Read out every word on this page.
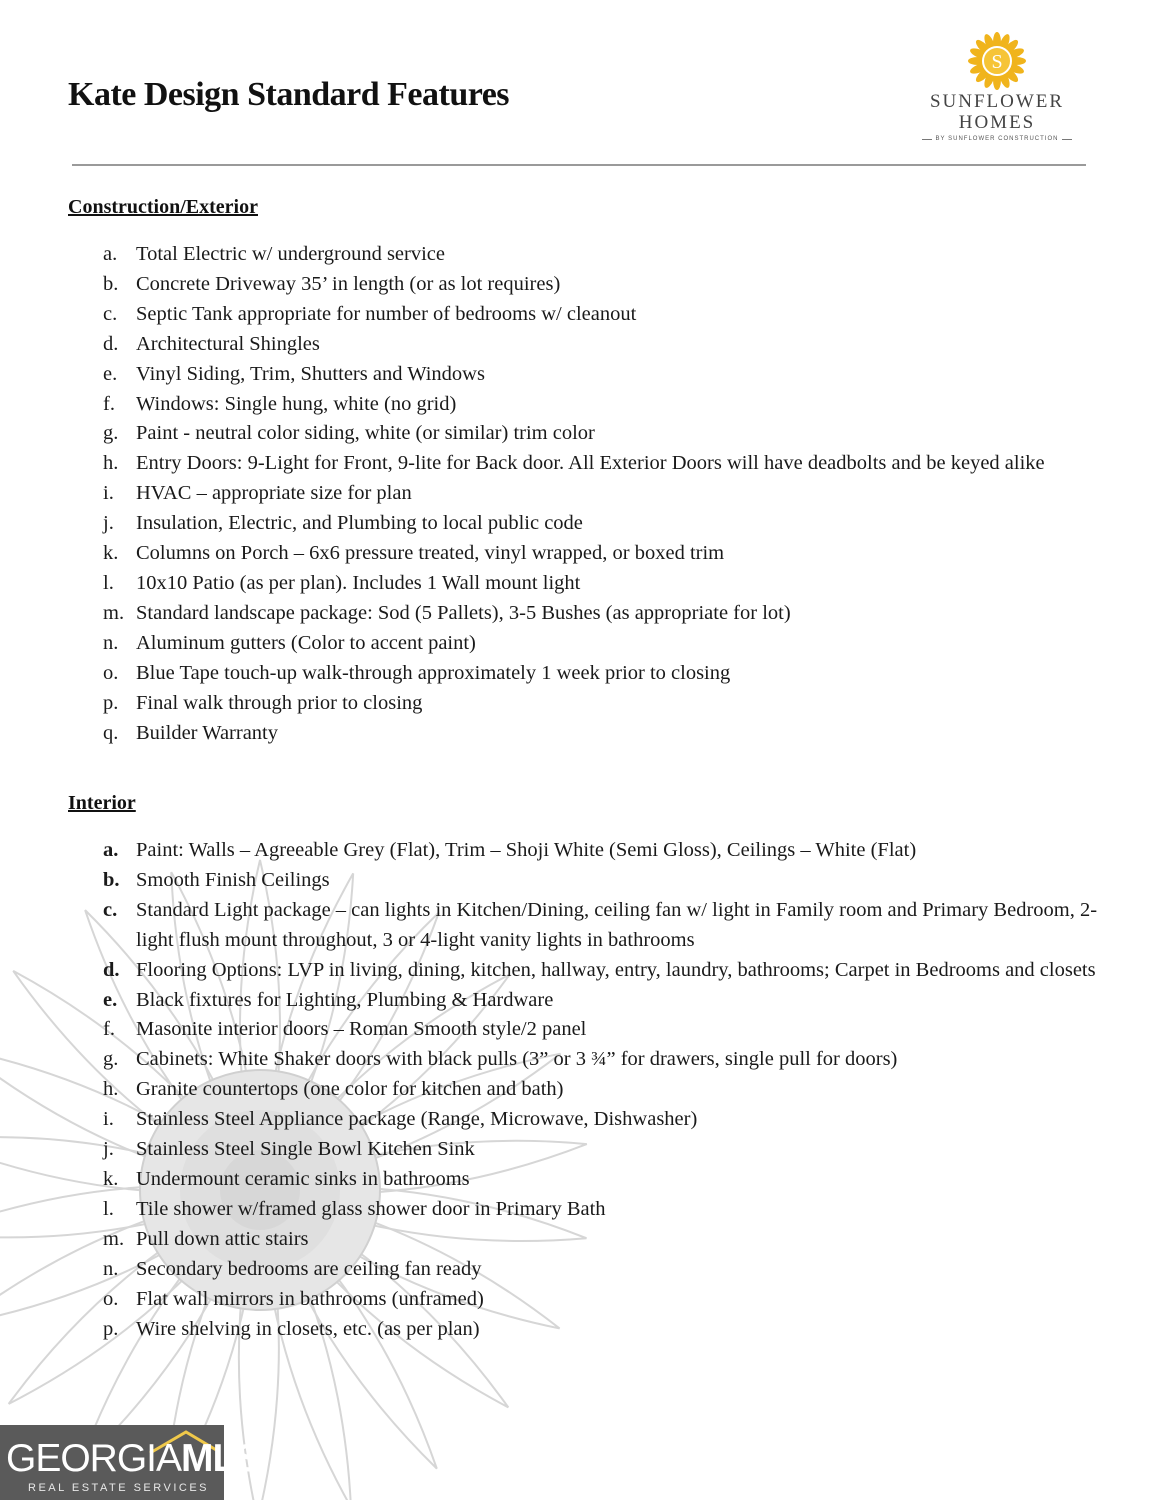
Kate Design Standard Features
S
SUNFLOWER
HOMES
BY SUNFLOWER CONSTRUCTION
Construction/Exterior
a. Total Electric w/ underground service
b. Concrete Driveway 35’ in length (or as lot requires)
c. Septic Tank appropriate for number of bedrooms w/ cleanout
d. Architectural Shingles
e. Vinyl Siding, Trim, Shutters and Windows
f. Windows: Single hung, white (no grid)
g. Paint - neutral color siding, white (or similar) trim color
h. Entry Doors: 9-Light for Front, 9-lite for Back door. All Exterior Doors will have deadbolts and be keyed alike
i. HVAC – appropriate size for plan
j. Insulation, Electric, and Plumbing to local public code
k. Columns on Porch – 6x6 pressure treated, vinyl wrapped, or boxed trim
l. 10x10 Patio (as per plan). Includes 1 Wall mount light
m. Standard landscape package: Sod (5 Pallets), 3-5 Bushes (as appropriate for lot)
n. Aluminum gutters (Color to accent paint)
o. Blue Tape touch-up walk-through approximately 1 week prior to closing
p. Final walk through prior to closing
q. Builder Warranty
Interior
a. Paint: Walls – Agreeable Grey (Flat), Trim – Shoji White (Semi Gloss), Ceilings – White (Flat)
b. Smooth Finish Ceilings
c. Standard Light package – can lights in Kitchen/Dining, ceiling fan w/ light in Family room and Primary Bedroom, 2-light flush mount throughout, 3 or 4-light vanity lights in bathrooms
d. Flooring Options: LVP in living, dining, kitchen, hallway, entry, laundry, bathrooms; Carpet in Bedrooms and closets
e. Black fixtures for Lighting, Plumbing & Hardware
f. Masonite interior doors – Roman Smooth style/2 panel
g. Cabinets: White Shaker doors with black pulls (3” or 3 ¾” for drawers, single pull for doors)
h. Granite countertops (one color for kitchen and bath)
i. Stainless Steel Appliance package (Range, Microwave, Dishwasher)
j. Stainless Steel Single Bowl Kitchen Sink
k. Undermount ceramic sinks in bathrooms
l. Tile shower w/framed glass shower door in Primary Bath
m. Pull down attic stairs
n. Secondary bedrooms are ceiling fan ready
o. Flat wall mirrors in bathrooms (unframed)
p. Wire shelving in closets, etc. (as per plan)
GEORGIAMLS
REAL ESTATE SERVICES
